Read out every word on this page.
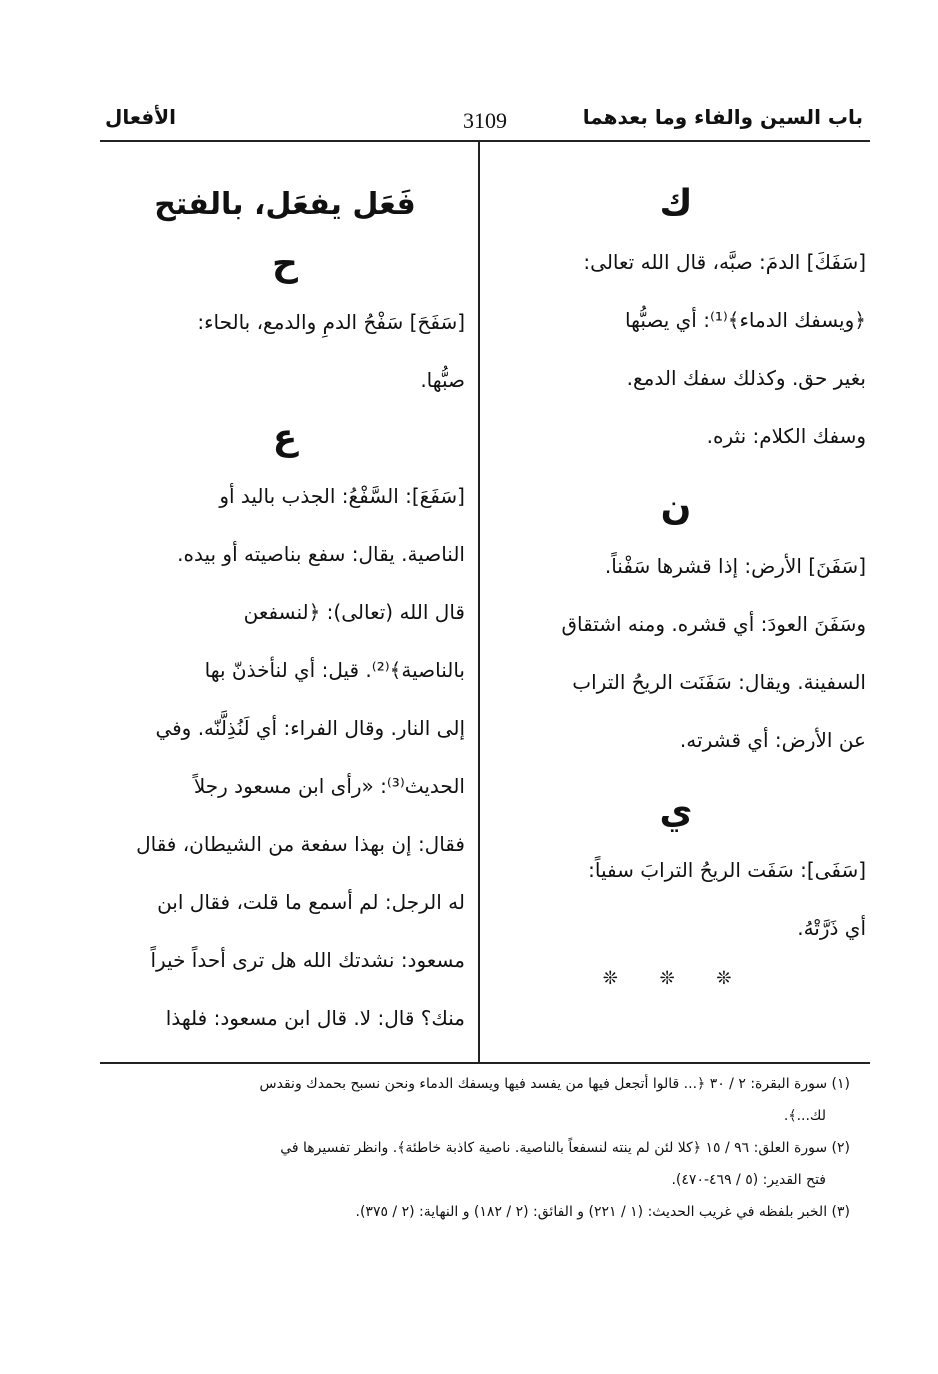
باب السين والفاء وما بعدهما
3109
الأفعال
ك

[سَفَكَ] الدمَ: صبَّه، قال الله تعالى:

﴿ويسفك الدماء﴾⁽¹⁾: أي يصبُّها

بغير حق. وكذلك سفك الدمع.

وسفك الكلام: نثره.

ن

[سَفَنَ] الأرض: إذا قشرها سَفْناً.

وسَفَنَ العودَ: أي قشره. ومنه اشتقاق

السفينة. ويقال: سَفَنَت الريحُ التراب

عن الأرض: أي قشرته.

ي

[سَفَى]: سَفَت الريحُ الترابَ سفياً:

أي ذَرَّتْهُ.

❊ ❊ ❊
فَعَل يفعَل، بالفتح
ح

[سَفَحَ] سَفْحُ الدمِ والدمع، بالحاء:

صبُّها.

ع

[سَفَعَ]: السَّفْعُ: الجذب باليد أو

الناصية. يقال: سفع بناصيته أو بيده.

قال الله (تعالى): ﴿لنسفعن

بالناصية﴾⁽²⁾. قيل: أي لنأخذنّ بها

إلى النار. وقال الفراء: أي لَنُذِلَّنّه. وفي

الحديث⁽³⁾: «رأى ابن مسعود رجلاً

فقال: إن بهذا سفعة من الشيطان، فقال

له الرجل: لم أسمع ما قلت، فقال ابن

مسعود: نشدتك الله هل ترى أحداً خيراً

منك؟ قال: لا. قال ابن مسعود: فلهذا

(١) سورة البقرة: ٢ / ٣٠ ﴿... قالوا أتجعل فيها من يفسد فيها ويسفك الدماء ونحن نسبح بحمدك ونقدس
لك...﴾.
(٢) سورة العلق: ٩٦ / ١٥ ﴿كلا لئن لم ينته لنسفعاً بالناصية. ناصية كاذبة خاطئة﴾. وانظر تفسيرها في
فتح القدير: (٥ / ٤٦٩-٤٧٠).
(٣) الخبر بلفظه في غريب الحديث: (١ / ٢٢١) و الفائق: (٢ / ١٨٢) و النهاية: (٢ / ٣٧٥).
